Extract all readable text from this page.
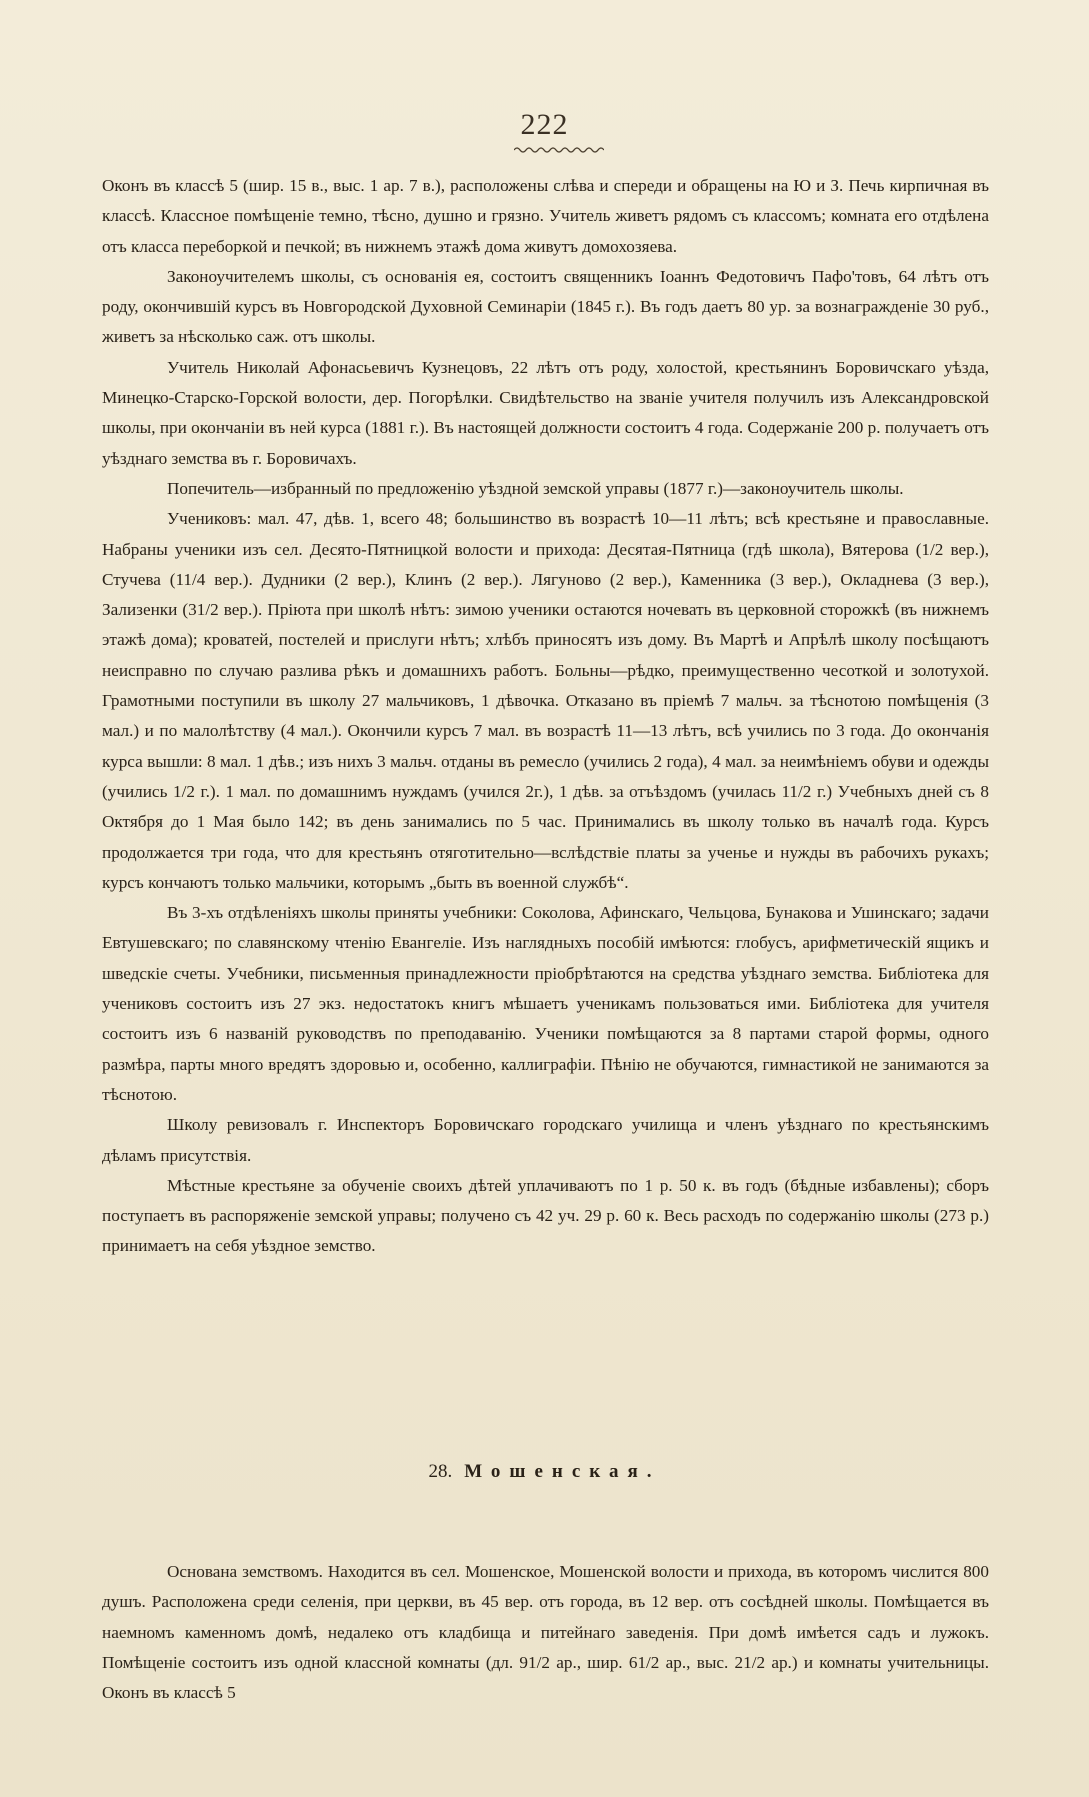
222

Оконъ въ классѣ 5 (шир. 15 в., выс. 1 ар. 7 в.), расположены слѣва и спереди и обращены на Ю и З. Печь кирпичная въ классѣ. Классное помѣщеніе темно, тѣсно, душно и грязно. Учитель живетъ рядомъ съ классомъ; комната его отдѣлена отъ класса переборкой и печкой; въ нижнемъ этажѣ дома живутъ домохозяева.

Законоучителемъ школы, съ основанія ея, состоитъ священникъ Іоаннъ Федотовичъ Пафо'товъ, 64 лѣтъ отъ роду, окончившій курсъ въ Новгородской Духовной Семинаріи (1845 г.). Въ годъ даетъ 80 ур. за вознагражденіе 30 руб., живетъ за нѣсколько саж. отъ школы.

Учитель Николай Афонасьевичъ Кузнецовъ, 22 лѣтъ отъ роду, холостой, крестьянинъ Боровичскаго уѣзда, Минецко-Старско-Горской волости, дер. Погорѣлки. Свидѣтельство на званіе учителя получилъ изъ Александровской школы, при окончаніи въ ней курса (1881 г.). Въ настоящей должности состоитъ 4 года. Содержаніе 200 р. получаетъ отъ уѣзднаго земства въ г. Боровичахъ.

Попечитель—избранный по предложенію уѣздной земской управы (1877 г.)—законоучитель школы.

Учениковъ: мал. 47, дѣв. 1, всего 48; большинство въ возрастѣ 10—11 лѣтъ; всѣ крестьяне и православные. Набраны ученики изъ сел. Десято-Пятницкой волости и прихода: Десятая-Пятница (гдѣ школа), Вятерова (1/2 вер.), Стучева (11/4 вер.). Дудники (2 вер.), Клинъ (2 вер.). Лягуново (2 вер.), Каменника (3 вер.), Окладнева (3 вер.), Зализенки (31/2 вер.). Пріюта при школѣ нѣтъ: зимою ученики остаются ночевать въ церковной сторожкѣ (въ нижнемъ этажѣ дома); кроватей, постелей и прислуги нѣтъ; хлѣбъ приносятъ изъ дому. Въ Мартѣ и Апрѣлѣ школу посѣщаютъ неисправно по случаю разлива рѣкъ и домашнихъ работъ. Больны—рѣдко, преимущественно чесоткой и золотухой. Грамотными поступили въ школу 27 мальчиковъ, 1 дѣвочка. Отказано въ пріемѣ 7 мальч. за тѣснотою помѣщенія (3 мал.) и по малолѣтству (4 мал.). Окончили курсъ 7 мал. въ возрастѣ 11—13 лѣтъ, всѣ учились по 3 года. До окончанія курса вышли: 8 мал. 1 дѣв.; изъ нихъ 3 мальч. отданы въ ремесло (учились 2 года), 4 мал. за неимѣніемъ обуви и одежды (учились 1/2 г.). 1 мал. по домашнимъ нуждамъ (учился 2г.), 1 дѣв. за отъѣздомъ (училась 11/2 г.) Учебныхъ дней съ 8 Октября до 1 Мая было 142; въ день занимались по 5 час. Принимались въ школу только въ началѣ года. Курсъ продолжается три года, что для крестьянъ отяготительно—вслѣдствіе платы за ученье и нужды въ рабочихъ рукахъ; курсъ кончаютъ только мальчики, которымъ „быть въ военной службѣ“.

Въ 3-хъ отдѣленіяхъ школы приняты учебники: Соколова, Афинскаго, Чельцова, Бунакова и Ушинскаго; задачи Евтушевскаго; по славянскому чтенію Евангеліе. Изъ наглядныхъ пособій имѣются: глобусъ, арифметическій ящикъ и шведскіе счеты. Учебники, письменныя принадлежности пріобрѣтаются на средства уѣзднаго земства. Библіотека для учениковъ состоитъ изъ 27 экз. недостатокъ книгъ мѣшаетъ ученикамъ пользоваться ими. Библіотека для учителя состоитъ изъ 6 названій руководствъ по преподаванію. Ученики помѣщаются за 8 партами старой формы, одного размѣра, парты много вредятъ здоровью и, особенно, каллиграфіи. Пѣнію не обучаются, гимнастикой не занимаются за тѣснотою.

Школу ревизовалъ г. Инспекторъ Боровичскаго городскаго училища и членъ уѣзднаго по крестьянскимъ дѣламъ присутствія.

Мѣстные крестьяне за обученіе своихъ дѣтей уплачиваютъ по 1 р. 50 к. въ годъ (бѣдные избавлены); сборъ поступаетъ въ распоряженіе земской управы; получено съ 42 уч. 29 р. 60 к. Весь расходъ по содержанію школы (273 р.) принимаетъ на себя уѣздное земство.

28. Мошенская.

Основана земствомъ. Находится въ сел. Мошенское, Мошенской волости и прихода, въ которомъ числится 800 душъ. Расположена среди селенія, при церкви, въ 45 вер. отъ города, въ 12 вер. отъ сосѣдней школы. Помѣщается въ наемномъ каменномъ домѣ, недалеко отъ кладбища и питейнаго заведенія. При домѣ имѣется садъ и лужокъ. Помѣщеніе состоитъ изъ одной классной комнаты (дл. 91/2 ар., шир. 61/2 ар., выс. 21/2 ар.) и комнаты учительницы. Оконъ въ классѣ 5
